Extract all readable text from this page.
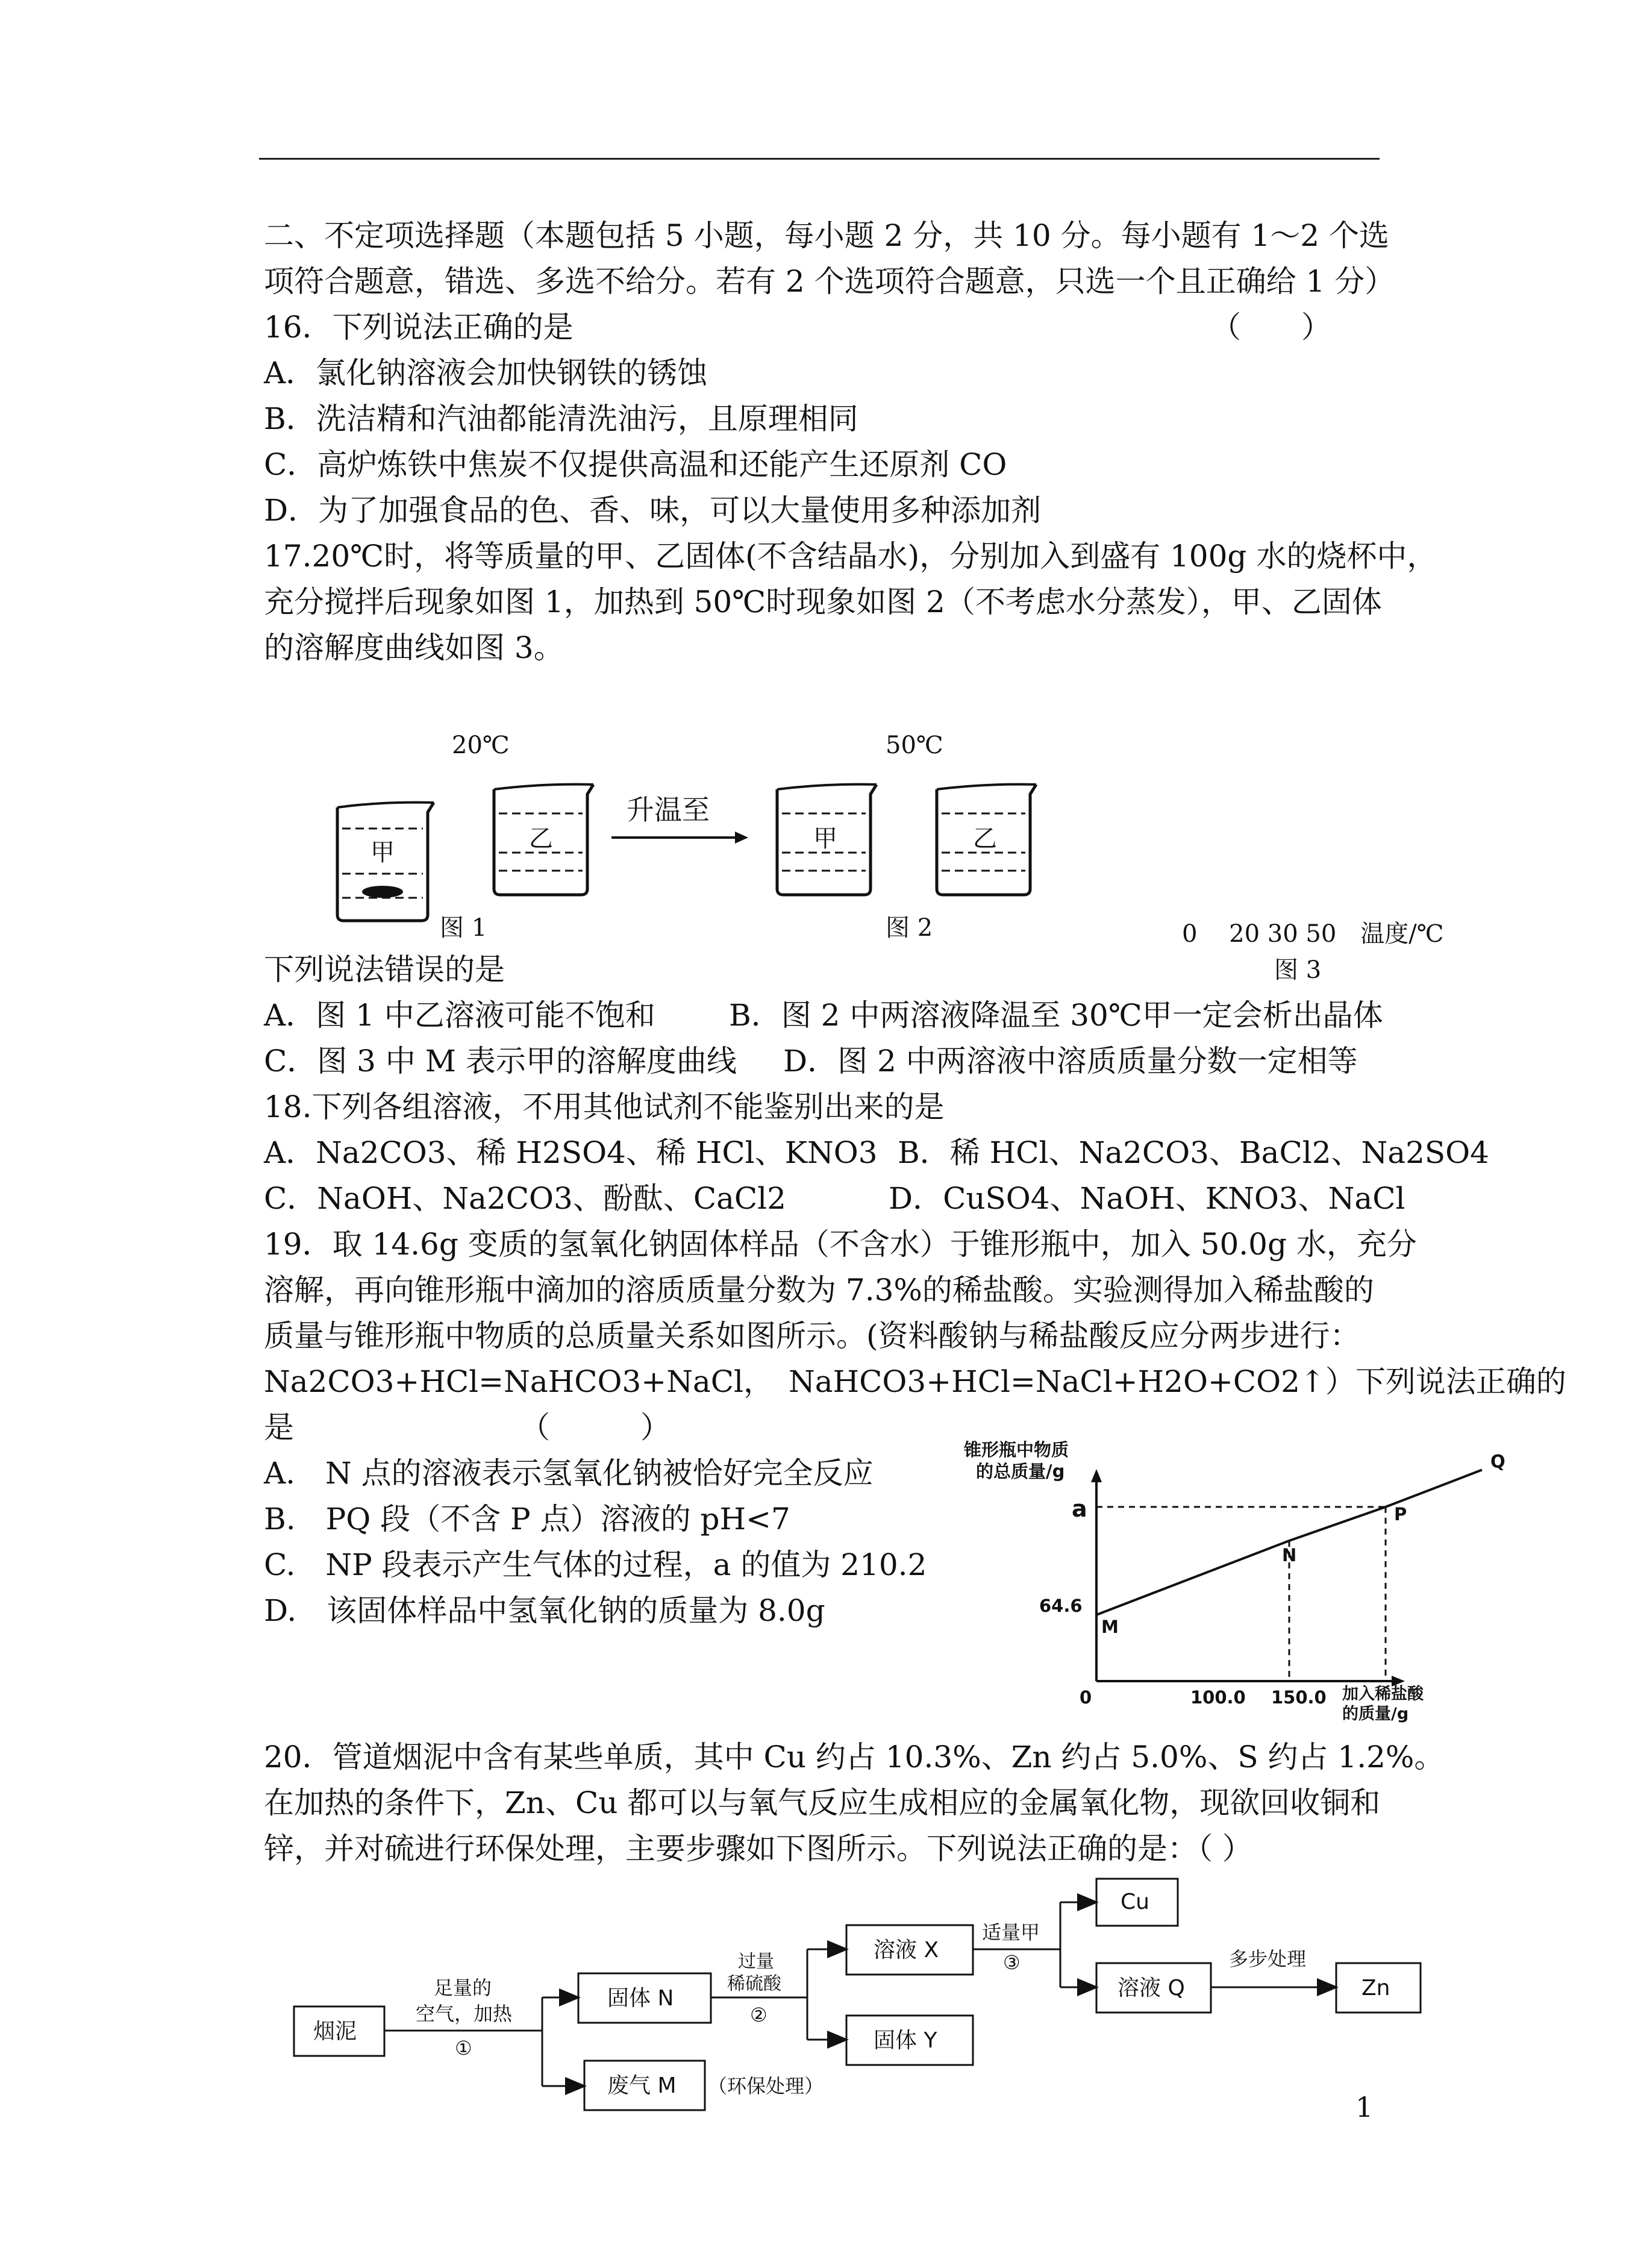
二、不定项选择题（本题包括 5 小题，每小题 2 分，共 10 分。每小题有 1～2 个选
项符合题意，错选、多选不给分。若有 2 个选项符合题意，只选一个且正确给 1 分）
16．下列说法正确的是	（　　）
A．氯化钠溶液会加快钢铁的锈蚀
B．洗洁精和汽油都能清洗油污，且原理相同
C．高炉炼铁中焦炭不仅提供高温和还能产生还原剂 CO
D．为了加强食品的色、香、味，可以大量使用多种添加剂
17.20℃时，将等质量的甲、乙固体(不含结晶水)，分别加入到盛有 100g 水的烧杯中，
充分搅拌后现象如图 1，加热到 50℃时现象如图 2（不考虑水分蒸发），甲、乙固体
的溶解度曲线如图 3。
20℃	50℃
甲	乙
升温至
甲	乙
图 1	图 2	0　 20 30 50　温度/℃
图 3
下列说法错误的是
A．图 1 中乙溶液可能不饱和 B．图 2 中两溶液降温至 30℃甲一定会析出晶体
C．图 3 中 M 表示甲的溶解度曲线 D．图 2 中两溶液中溶质质量分数一定相等
18.下列各组溶液，不用其他试剂不能鉴别出来的是
A．Na2CO3、稀 H2SO4、稀 HCl、KNO3 B．稀 HCl、Na2CO3、BaCl2、Na2SO4
C．NaOH、Na2CO3、酚酞、CaCl2	D．CuSO4、NaOH、KNO3、NaCl
19．取 14.6g 变质的氢氧化钠固体样品（不含水）于锥形瓶中，加入 50.0g 水，充分
溶解，再向锥形瓶中滴加的溶质质量分数为 7.3%的稀盐酸。实验测得加入稀盐酸的
质量与锥形瓶中物质的总质量关系如图所示。(资料酸钠与稀盐酸反应分两步进行：
Na2CO3+HCl=NaHCO3+NaCl，　NaHCO3+HCl=NaCl+H2O+CO2↑）下列说法正确的
是　　　　　　　　（　　　）
A.　N 点的溶液表示氢氧化钠被恰好完全反应
B.　PQ 段（不含 P 点）溶液的 pH<7
C.　NP 段表示产生气体的过程，a 的值为 210.2
D.　该固体样品中氢氧化钠的质量为 8.0g
锥形瓶中物质
的总质量/g
0
a
64.6
100.0 150.0 加入稀盐酸
的质量/g
M
N
P
Q
20．管道烟泥中含有某些单质，其中 Cu 约占 10.3%、Zn 约占 5.0%、S 约占 1.2%。
在加热的条件下，Zn、Cu 都可以与氧气反应生成相应的金属氧化物，现欲回收铜和
锌，并对硫进行环保处理，主要步骤如下图所示。下列说法正确的是：（ ）
烟泥
足量的
空气，加热
①
固体 N
废气 M （环保处理）
过量
稀硫酸
②
溶液 X
固体 Y
适量甲
③
Cu
溶液 Q
多步处理
Zn
1
